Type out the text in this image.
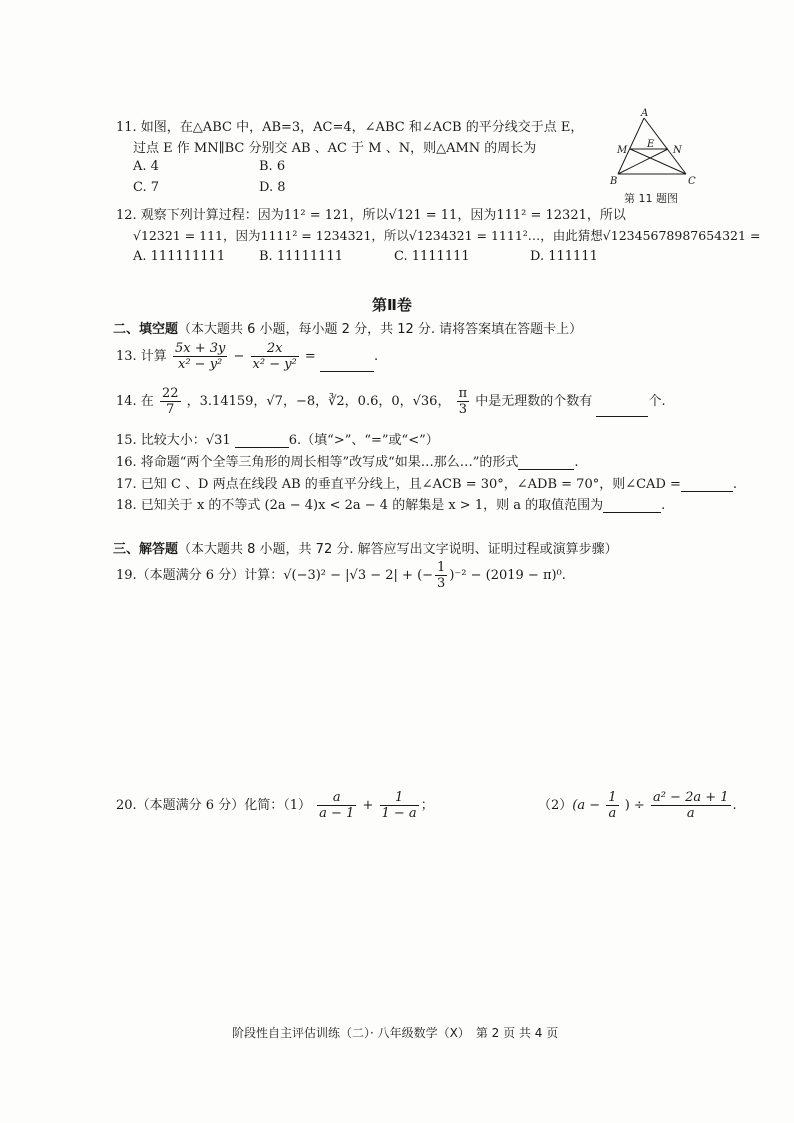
11. 如图，在△ABC 中，AB=3，AC=4，∠ABC 和∠ACB 的平分线交于点 E，
过点 E 作 MN∥BC 分别交 AB 、AC 于 M 、N，则△AMN 的周长为
A. 4	B. 6
C. 7	D. 8
A
B	C
M	N
E
第 11 题图
12. 观察下列计算过程：因为11² = 121，所以√121 = 11，因为111² = 12321，所以
√12321 = 111，因为1111² = 1234321，所以√1234321 = 1111²…，由此猜想√12345678987654321 =
A. 111111111	B. 11111111	C. 1111111	D. 111111
第Ⅱ卷
二、填空题（本大题共 6 小题，每小题 2 分，共 12 分. 请将答案填在答题卡上）
13. 计算 $\frac{5x + 3y}{\text{x² − y²}} - \frac{2x}{\text{x² − y²}}$ =	.
14. 在 $\frac{22}{7}$ ，3.14159，√7，−8，∛2，0.6，0，√36， $\frac{\pi}{3}$ 中是无理数的个数有	个.
15. 比较大小：√31	6.（填“>”、“=”或“<”）
16. 将命题“两个全等三角形的周长相等”改写成“如果…那么…”的形式	.
17. 已知 C 、D 两点在线段 AB 的垂直平分线上，且∠ACB = 30°，∠ADB = 70°，则∠CAD =	.
18. 已知关于 x 的不等式 (2a − 4)x < 2a − 4 的解集是 x > 1，则 a 的取值范围为	.
三、解答题（本大题共 8 小题，共 72 分. 解答应写出文字说明、证明过程或演算步骤）
19.（本题满分 6 分）计算：√(−3)² − |√3 − 2| + (− $\frac{1}{3} )^{-2} - (2019 - \pi)^0$.
20.（本题满分 6 分）化简：$(1) \frac{a}{a - 1} + \frac{1}{1 - a}$ ；	$(2)(a - \frac{1}{a}$ ) ÷ $\frac{\text{a² − 2a + 1}}{a}$ .
阶段性自主评估训练（二）· 八年级数学（X）　第 2 页 共 4 页
